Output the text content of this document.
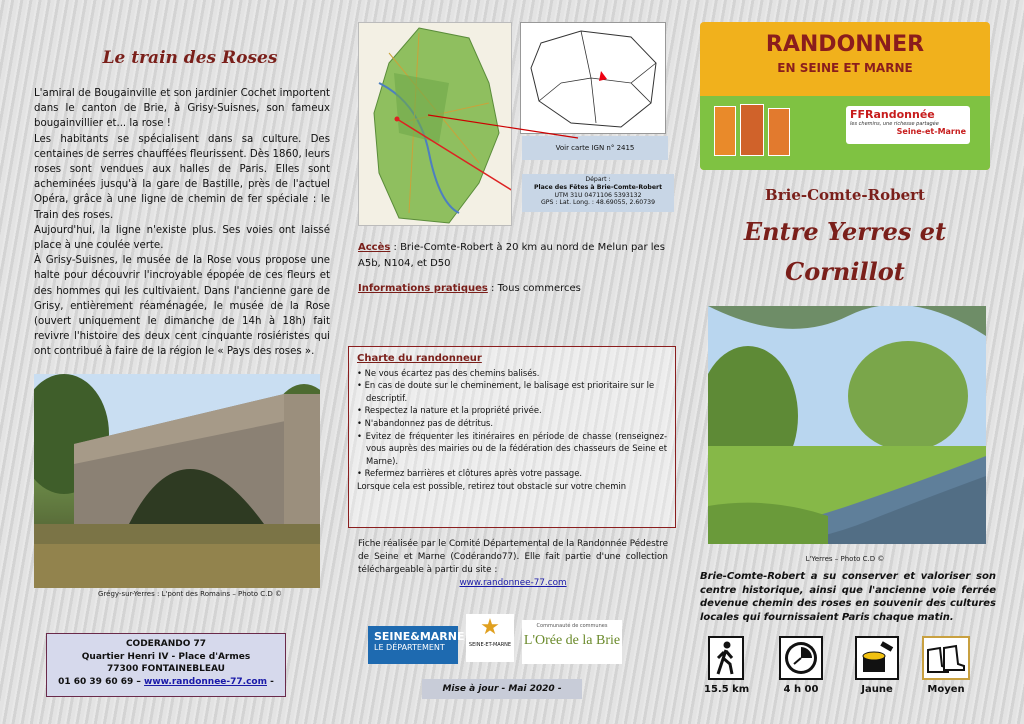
Le train des Roses

L'amiral de Bougainville et son jardinier Cochet importent dans le canton de Brie, à Grisy-Suisnes, son fameux bougainvillier et... la rose !

Les habitants se spécialisent dans sa culture. Des centaines de serres chauffées fleurissent. Dès 1860, leurs roses sont vendues aux halles de Paris. Elles sont acheminées jusqu'à la gare de Bastille, près de l'actuel Opéra, grâce à une ligne de chemin de fer spéciale : le Train des roses.

Aujourd'hui, la ligne n'existe plus. Ses voies ont laissé place à une coulée verte.

À Grisy-Suisnes, le musée de la Rose vous propose une halte pour découvrir l'incroyable épopée de ces fleurs et des hommes qui les cultivaient. Dans l'ancienne gare de Grisy, entièrement réaménagée, le musée de la Rose (ouvert uniquement le dimanche de 14h à 18h) fait revivre l'histoire des deux cent cinquante rosiéristes qui ont contribué à faire de la région le « Pays des roses ».

Grégy-sur-Yerres : L'pont des Romains – Photo C.D ©
CODERANDO 77
Quartier Henri IV - Place d'Armes
77300 FONTAINEBLEAU
01 60 39 60 69 – www.randonnee-77.com -
Voir carte IGN n° 2415
Départ :
Place des Fêtes à Brie-Comte-Robert
UTM 31U 0471106 5393132
GPS : Lat. Long. : 48.69055, 2.60739
Accès : Brie-Comte-Robert à 20 km au nord de Melun par les A5b, N104, et D50
Informations pratiques : Tous commerces
Charte du randonneur
• Ne vous écartez pas des chemins balisés.
• En cas de doute sur le cheminement, le balisage est prioritaire sur le descriptif.
• Respectez la nature et la propriété privée.
• N'abandonnez pas de détritus.
• Evitez de fréquenter les itinéraires en période de chasse (renseignez-vous auprès des mairies ou de la fédération des chasseurs de Seine et Marne).
• Refermez barrières et clôtures après votre passage.
Lorsque cela est possible, retirez tout obstacle sur votre chemin
Fiche réalisée par le Comité Départemental de la Randonnée Pédestre de Seine et Marne (Codérando77). Elle fait partie d'une collection téléchargeable à partir du site :
www.randonnee-77.com
SEINE&MARNE
LE DÉPARTEMENT
★
SEINE-ET-MARNE
Communauté de communes
L'Orée de la Brie
Mise à jour - Mai 2020 -
RANDONNER
EN SEINE ET MARNE
FFRandonnée
les chemins, une richesse partagée
Seine-et-Marne
Brie-Comte-Robert
Entre Yerres et
Cornillot
L'Yerres – Photo C.D ©
Brie-Comte-Robert a su conserver et valoriser son centre historique, ainsi que l'ancienne voie ferrée devenue chemin des roses en souvenir des cultures locales qui fournissaient Paris chaque matin.
15.5 km	4 h 00	Jaune	Moyen
